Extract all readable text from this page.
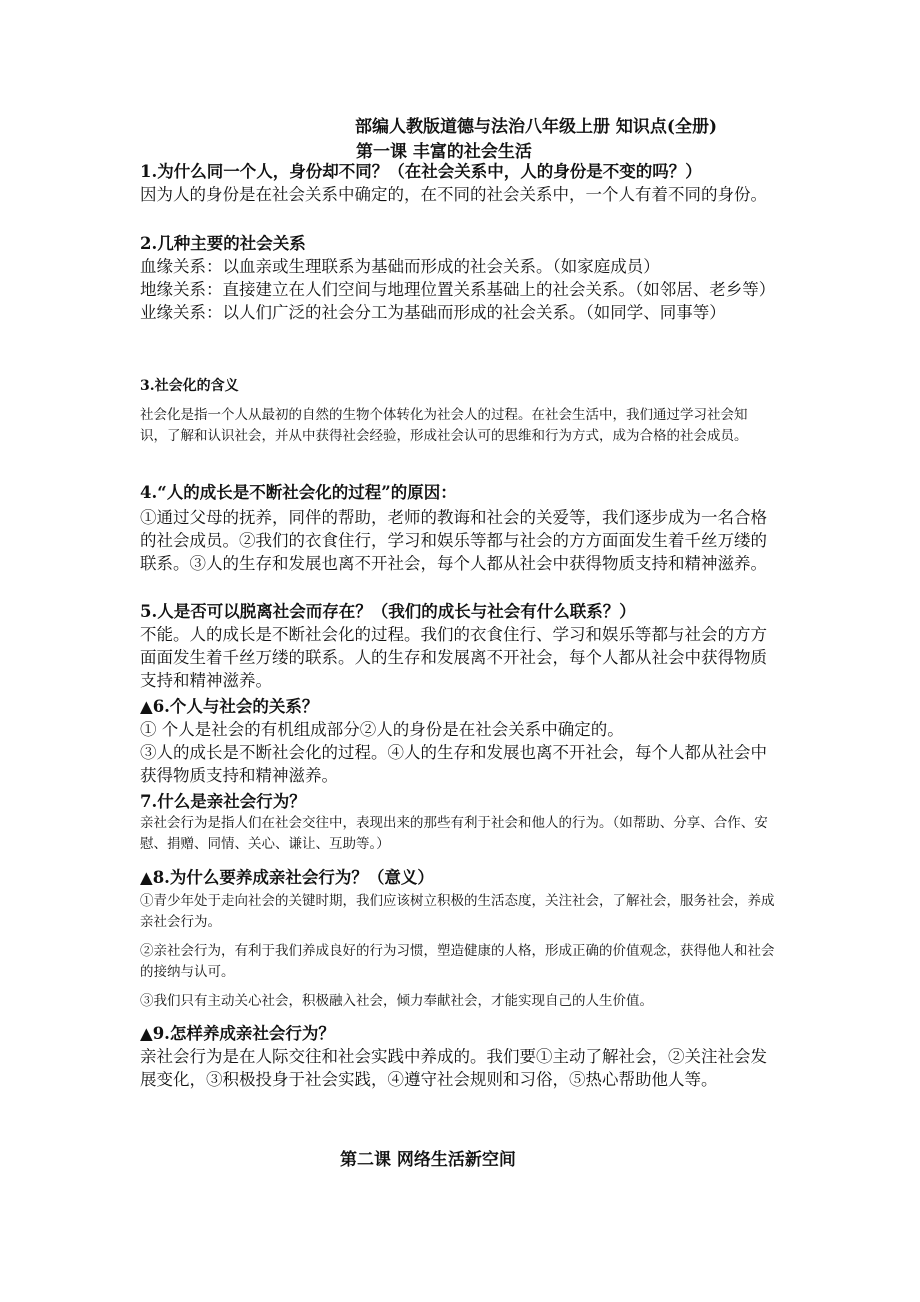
部编人教版道德与法治八年级上册 知识点(全册)
第一课 丰富的社会生活

1.为什么同一个人，身份却不同？（在社会关系中，人的身份是不变的吗？）

因为人的身份是在社会关系中确定的，在不同的社会关系中，一个人有着不同的身份。

2.几种主要的社会关系

血缘关系：以血亲或生理联系为基础而形成的社会关系。（如家庭成员）

地缘关系：直接建立在人们空间与地理位置关系基础上的社会关系。（如邻居、老乡等）

业缘关系：以人们广泛的社会分工为基础而形成的社会关系。（如同学、同事等）

3.社会化的含义

社会化是指一个人从最初的自然的生物个体转化为社会人的过程。在社会生活中，我们通过学习社会知识，了解和认识社会，并从中获得社会经验，形成社会认可的思维和行为方式，成为合格的社会成员。

4.“人的成长是不断社会化的过程”的原因：

①通过父母的抚养，同伴的帮助，老师的教诲和社会的关爱等，我们逐步成为一名合格的社会成员。②我们的衣食住行，学习和娱乐等都与社会的方方面面发生着千丝万缕的联系。③人的生存和发展也离不开社会，每个人都从社会中获得物质支持和精神滋养。

5.人是否可以脱离社会而存在？（我们的成长与社会有什么联系？）

不能。人的成长是不断社会化的过程。我们的衣食住行、学习和娱乐等都与社会的方方面面发生着千丝万缕的联系。人的生存和发展离不开社会，每个人都从社会中获得物质支持和精神滋养。

▲6.个人与社会的关系？

① 个人是社会的有机组成部分②人的身份是在社会关系中确定的。

③人的成长是不断社会化的过程。④人的生存和发展也离不开社会，每个人都从社会中获得物质支持和精神滋养。

7.什么是亲社会行为？

亲社会行为是指人们在社会交往中，表现出来的那些有利于社会和他人的行为。（如帮助、分享、合作、安慰、捐赠、同情、关心、谦让、互助等。）

▲8.为什么要养成亲社会行为？（意义）

①青少年处于走向社会的关键时期，我们应该树立积极的生活态度，关注社会，了解社会，服务社会，养成亲社会行为。

②亲社会行为，有利于我们养成良好的行为习惯，塑造健康的人格，形成正确的价值观念，获得他人和社会的接纳与认可。

③我们只有主动关心社会，积极融入社会，倾力奉献社会，才能实现自己的人生价值。

▲9.怎样养成亲社会行为？

亲社会行为是在人际交往和社会实践中养成的。我们要①主动了解社会，②关注社会发展变化，③积极投身于社会实践，④遵守社会规则和习俗，⑤热心帮助他人等。

第二课 网络生活新空间
